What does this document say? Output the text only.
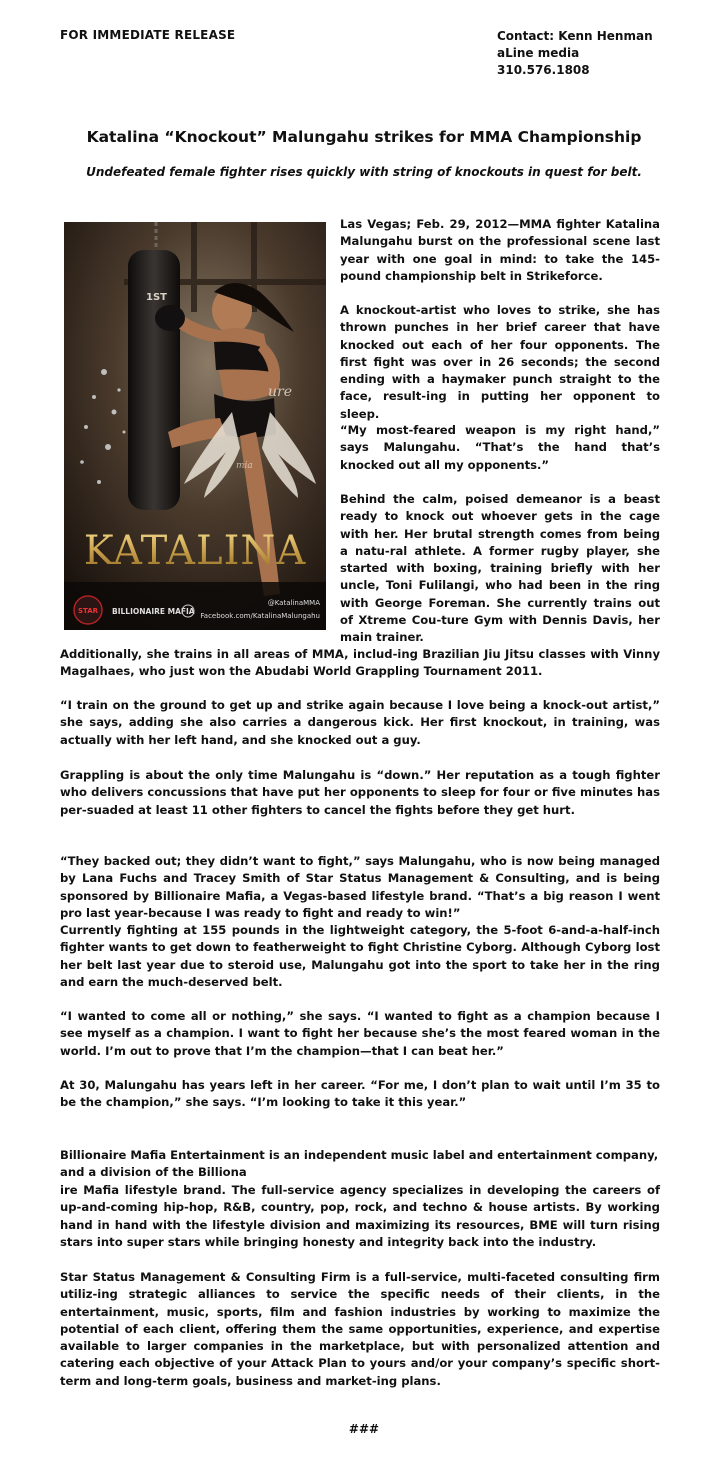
FOR IMMEDIATE RELEASE	Contact: Kenn Henman
aLine media
310.576.1808
Katalina “Knockout” Malungahu strikes for MMA Championship
Undefeated female fighter rises quickly with string of knockouts in quest for belt.
1ST
ure
mia
KATALINA
STAR BILLIONAIRE MAFIA
@KatalinaMMA
Facebook.com/KatalinaMalungahu

Las Vegas; Feb. 29, 2012—MMA fighter Katalina Malungahu burst on the professional scene last year with one goal in mind: to take the 145-pound championship belt in Strikeforce.

A knockout-artist who loves to strike, she has thrown punches in her brief career that have knocked out each of her four opponents. The first fight was over in 26 seconds; the second ending with a haymaker punch straight to the face, result-ing in putting her opponent to sleep.

“My most-feared weapon is my right hand,” says Malungahu. “That’s the hand that’s knocked out all my opponents.”

Behind the calm, poised demeanor is a beast ready to knock out whoever gets in the cage with her. Her brutal strength comes from being a natu-ral athlete. A former rugby player, she started with boxing, training briefly with her uncle, Toni Fulilangi, who had been in the ring with George Foreman. She currently trains out of Xtreme Cou-ture Gym with Dennis Davis, her main trainer.

Additionally, she trains in all areas of MMA, includ-ing Brazilian Jiu Jitsu classes with Vinny Magalhaes, who just won the Abudabi World Grappling Tournament 2011.

“I train on the ground to get up and strike again because I love being a knock-out artist,” she says, adding she also carries a dangerous kick. Her first knockout, in training, was actually with her left hand, and she knocked out a guy.

Grappling is about the only time Malungahu is “down.” Her reputation as a tough fighter who delivers concussions that have put her opponents to sleep for four or five minutes has per-suaded at least 11 other fighters to cancel the fights before they get hurt.

“They backed out; they didn’t want to fight,” says Malungahu, who is now being managed by Lana Fuchs and Tracey Smith of Star Status Management & Consulting, and is being sponsored by Billionaire Mafia, a Vegas-based lifestyle brand. “That’s a big reason I went pro last year-because I was ready to fight and ready to win!”

Currently fighting at 155 pounds in the lightweight category, the 5-foot 6-and-a-half-inch fighter wants to get down to featherweight to fight Christine Cyborg. Although Cyborg lost her belt last year due to steroid use, Malungahu got into the sport to take her in the ring and earn the much-deserved belt.

“I wanted to come all or nothing,” she says. “I wanted to fight as a champion because I see myself as a champion. I want to fight her because she’s the most feared woman in the world. I’m out to prove that I’m the champion—that I can beat her.”

At 30, Malungahu has years left in her career. “For me, I don’t plan to wait until I’m 35 to be the champion,” she says. “I’m looking to take it this year.”

Billionaire Mafia Entertainment is an independent music label and entertainment company, and a division of the Billiona

ire Mafia lifestyle brand. The full-service agency specializes in developing the careers of up-and-coming hip-hop, R&B, country, pop, rock, and techno & house artists. By working hand in hand with the lifestyle division and maximizing its resources, BME will turn rising stars into super stars while bringing honesty and integrity back into the industry.

Star Status Management & Consulting Firm is a full-service, multi-faceted consulting firm utiliz-ing strategic alliances to service the specific needs of their clients, in the entertainment, music, sports, film and fashion industries by working to maximize the potential of each client, offering them the same opportunities, experience, and expertise available to larger companies in the marketplace, but with personalized attention and catering each objective of your Attack Plan to yours and/or your company’s specific short-term and long-term goals, business and market-ing plans.

###
